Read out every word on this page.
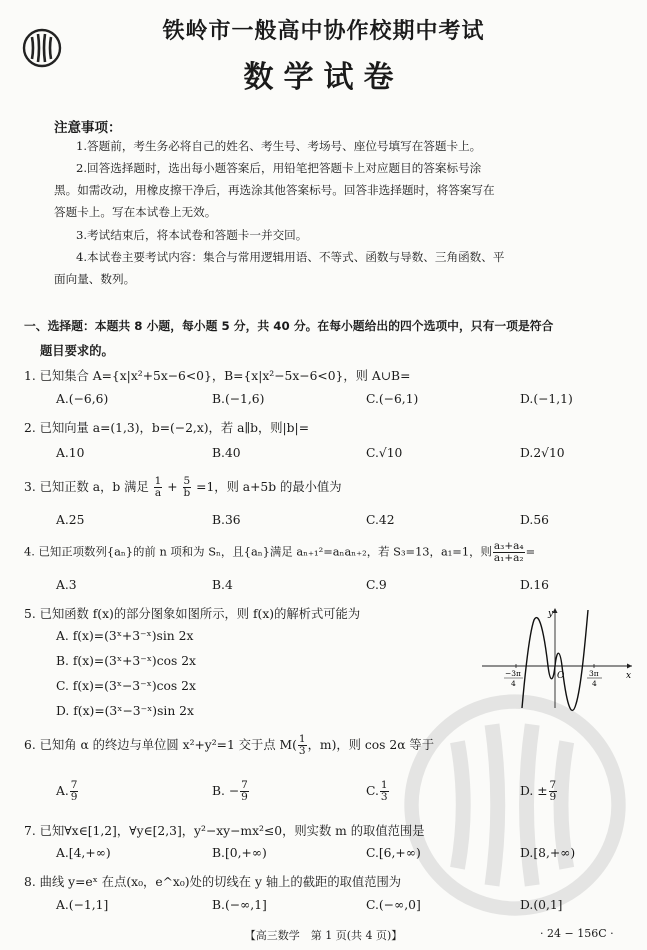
铁岭市一般高中协作校期中考试
数学试卷
注意事项：
1.答题前，考生务必将自己的姓名、考生号、考场号、座位号填写在答题卡上。
2.回答选择题时，选出每小题答案后，用铅笔把答题卡上对应题目的答案标号涂
黑。如需改动，用橡皮擦干净后，再选涂其他答案标号。回答非选择题时，将答案写在
答题卡上。写在本试卷上无效。
3.考试结束后，将本试卷和答题卡一并交回。
4.本试卷主要考试内容：集合与常用逻辑用语、不等式、函数与导数、三角函数、平
面向量、数列。
一、选择题：本题共 8 小题，每小题 5 分，共 40 分。在每小题给出的四个选项中，只有一项是符合
题目要求的。
1. 已知集合 A={x|x²+5x−6<0}，B={x|x²−5x−6<0}，则 A∪B=
A.(−6,6)	B.(−1,6)	C.(−6,1)	D.(−1,1)
2. 已知向量 a=(1,3)，b=(−2,x)，若 a∥b，则|b|=
A.10	B.40	C.√10	D.2√10
3. 已知正数 a，b 满足 $\frac{1}{a} + \frac{5}{b} =1$，则 a+5b 的最小值为
A.25	B.36	C.42	D.56
4. 已知正项数列{aₙ}的前 n 项和为 Sₙ，且{aₙ}满足 aₙ₊₁²=aₙaₙ₊₂，若 S₃=13，a₁=1，则 $\frac{\text{a₃+a₄}}{\text{a₁+a₂}}$ =
A.3	B.4	C.9	D.16
5. 已知函数 f(x)的部分图象如图所示，则 f(x)的解析式可能为
A. f(x)=(3ˣ+3⁻ˣ)sin 2x
B. f(x)=(3ˣ+3⁻ˣ)cos 2x
C. f(x)=(3ˣ−3⁻ˣ)cos 2x
D. f(x)=(3ˣ−3⁻ˣ)sin 2x
y
x
O
−3π
4
3π
4
6. 已知角 α 的终边与单位圆 x²+y²=1 交于点 $M( \frac{1}{3}$ ，m)，则 cos 2α 等于
A. $\frac{7}{9}$	B. − $\frac{7}{9}$	C. $\frac{1}{3}$	D. ± $\frac{7}{9}$
7. 已知∀x∈[1,2]，∀y∈[2,3]，y²−xy−mx²≤0，则实数 m 的取值范围是
A.[4,+∞)	B.[0,+∞)	C.[6,+∞)	D.[8,+∞)
8. 曲线 y=eˣ 在点(x₀，e^x₀)处的切线在 y 轴上的截距的取值范围为
A.(−1,1]	B.(−∞,1]	C.(−∞,0]	D.(0,1]
【高三数学　第 1 页(共 4 页)】	· 24 − 156C ·
